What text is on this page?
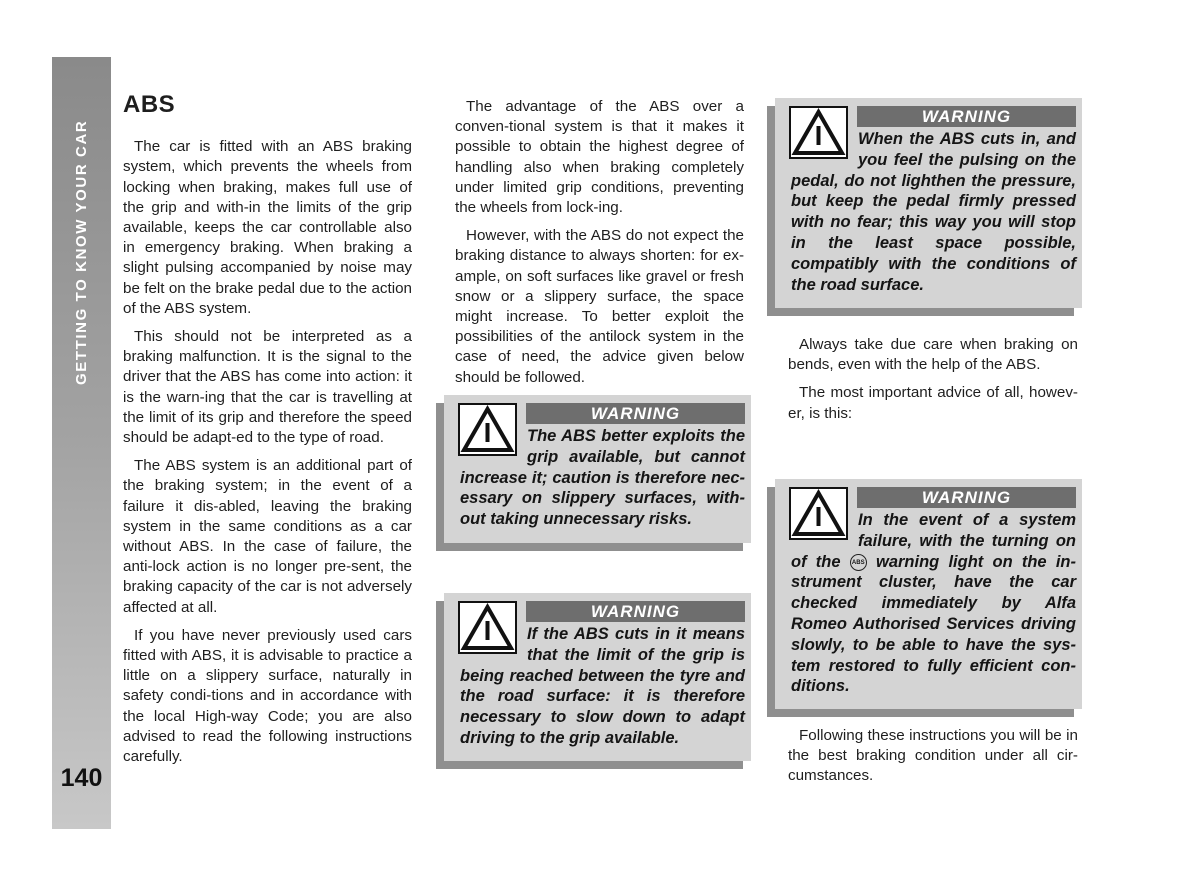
140
ABS

The car is fitted with an ABS braking system, which prevents the wheels from locking when braking, makes full use of the grip and with-in the limits of the grip available, keeps the car controllable also in emergency braking. When braking a slight pulsing accompanied by noise may be felt on the brake pedal due to the action of the ABS system.

This should not be interpreted as a braking malfunction. It is the signal to the driver that the ABS has come into action: it is the warn-ing that the car is travelling at the limit of its grip and therefore the speed should be adapt-ed to the type of road.

The ABS system is an additional part of the braking system; in the event of a failure it dis-abled, leaving the braking system in the same conditions as a car without ABS. In the case of failure, the anti-lock action is no longer pre-sent, the braking capacity of the car is not adversely affected at all.

If you have never previously used cars fitted with ABS, it is advisable to practice a little on a slippery surface, naturally in safety condi-tions and in accordance with the local High-way Code; you are also advised to read the following instructions carefully.

The advantage of the ABS over a conven-tional system is that it makes it possible to obtain the highest degree of handling also when braking completely under limited grip conditions, preventing the wheels from lock-ing.

However, with the ABS do not expect the braking distance to always shorten: for ex-ample, on soft surfaces like gravel or fresh snow or a slippery surface, the space might increase. To better exploit the possibilities of the antilock system in the case of need, the advice given below should be followed.

WARNING
When the ABS cuts in, and you feel the pulsing on the pedal, do not lighthen the pressure, but keep the pedal firmly pressed with no fear; this way you will stop in the least space possible, compatibly with the conditions of the road surface.
WARNING
The ABS better exploits the grip available, but cannot increase it; caution is therefore nec-essary on slippery surfaces, with-out taking unnecessary risks.
WARNING
If the ABS cuts in it means that the limit of the grip is being reached between the tyre and the road surface: it is therefore necessary to slow down to adapt driving to the grip available.

Always take due care when braking on bends, even with the help of the ABS.

The most important advice of all, howev-er, is this:

WARNING
In the event of a system failure, with the turning on of the ABS warning light on the in-strument cluster, have the car checked immediately by Alfa Romeo Authorised Services driving slowly, to be able to have the sys-tem restored to fully efficient con-ditions.

Following these instructions you will be in the best braking condition under all cir-cumstances.
